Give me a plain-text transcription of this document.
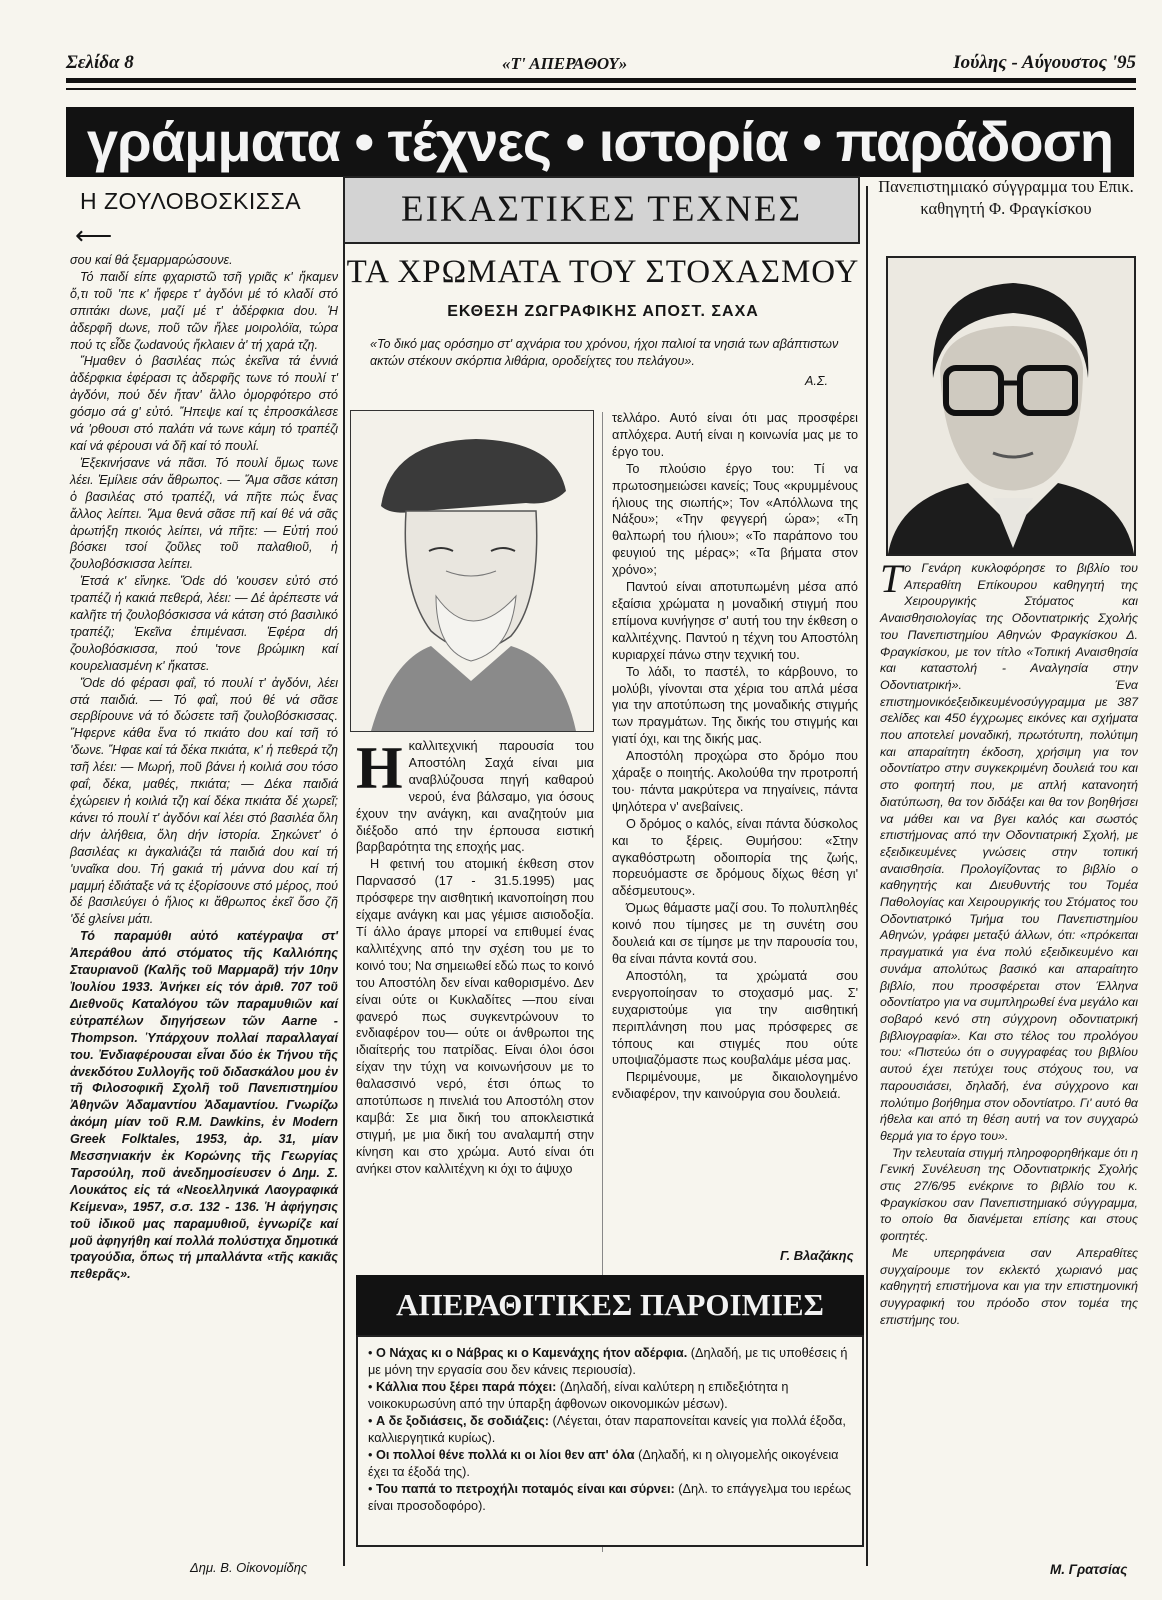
Σελίδα 8	«Τ' ΑΠΕΡΑΘΟΥ»	Ιούλης - Αύγουστος '95
γράμματα • τέχνες • ιστορία • παράδοση
Η ΖΟΥΛΟΒΟΣΚΙΣΣΑ
⟵

σου καί θά ξεμαρμαρώσουνε.

Τό παιδί είπε φχαριστῶ τσῆ γριᾶς κ' ἤκαμεν ὅ,τι τοῦ 'πε κ' ἤφερε τ' ἀγδόνι μέ τό κλαδί στό σπιτάκι dωνε, μαζί μέ τ' ἀδέρφκια dου. Ἡ ἀδερφῆ dωνε, ποῦ τῶν ἤλεε μοιρολόϊα, τώρα πού τς εἶδε ζωdανούς ἤκλαιεν ἀ' τή χαρά τζη.

Ἤμαθεν ὁ βασιλέας πώς ἐκεῖνα τά ἐννιά ἀδέρφκια ἐφέρασι τς ἀδερφῆς τωνε τό πουλί τ' ἀγδόνι, πού δέν ἤταν' ἄλλο ὀμορφότερο στό gόσμο σά g' εὐτό. Ἤπεψε καί τς ἐπροσκάλεσε νά 'ρθουσι στό παλάτι νά τωνε κάμη τό τραπέζι καί νά φέρουσι νά δῆ καί τό πουλί.

Ἐξεκινήσανε νά πᾶσι. Τό πουλί ὅμως τωνε λέει. Ἐμίλειε σάν ἄθρωπος. — Ἅμα σᾶσε κάτση ὁ βασιλέας στό τραπέζι, νά πῆτε πώς ἔνας ἄλλος λείπει. Ἅμα θενά σᾶσε πῆ καί θέ νά σᾶς ἀρωτήξη πκοιός λείπει, νά πῆτε: — Εὐτή πού βόσκει τσοί ζοῦλες τοῦ παλαθιοῦ, ἡ ζουλοβόσκισσα λείπει.

Ἐτσά κ' εἴνηκε. Ὅdε dό 'κουσεν εὐτό στό τραπέζι ἡ κακιά πεθερά, λέει: — Δέ ἀρέπεστε νά καλῆτε τή ζουλοβόσκισσα νά κάτση στό βασιλικό τραπέζι; Ἐκεῖνα ἐπιμένασι. Ἐφέρα dή ζουλοβόσκισσα, πού 'τονε βρώμικη καί κουρελιασμένη κ' ἤκατσε.

Ὅdε dό φέρασι φαΐ, τό πουλί τ' ἀγδόνι, λέει στά παιδιά. — Τό φαΐ, πού θέ νά σᾶσε σερβίρουνε νά τό δώσετε τσῆ ζουλοβόσκισσας. Ἤφερνε κάθα ἕνα τό πκιάτο dου καί τσῆ τό 'δωνε. Ἤφαε καί τά δέκα πκιάτα, κ' ἡ πεθερά τζη τσῆ λέει: — Μωρή, ποῦ βάνει ἡ κοιλιά σου τόσο φαΐ, δέκα, μαθές, πκιάτα; — Δέκα παιδιά ἐχώρειεν ἡ κοιλιά τζη καί δέκα πκιάτα δέ χωρεῖ; κάνει τό πουλί τ' ἀγδόνι καί λέει στό βασιλέα ὅλη dήν ἀλήθεια, ὅλη dήν ἱστορία. Σηκώνετ' ὁ βασιλέας κι ἀγκαλιάζει τά παιδιά dου καί τή 'υναῖκα dου. Τή gακιά τή μάννα dου καί τή μαμμή ἐδιάταξε νά τς ἐξορίσουνε στό μέρος, πού δέ βασιλεύγει ὁ ἥλιος κι ἄθρωπος ἐκεῖ ὅσο ζῆ 'δέ gλείνει μάτι.

Τό παραμύθι αὐτό κατέγραψα στ' Ἀπεράθου ἀπό στόματος τῆς Καλλιόπης Σταυριανοῦ (Καλῆς τοῦ Μαρμαρᾶ) τήν 10ην Ἰουλίου 1933. Ἀνήκει είς τόν ἀριθ. 707 τοῦ Διεθνοῦς Καταλόγου τῶν παραμυθιῶν καί εὐτραπέλων διηγήσεων τῶν Aarne - Thompson. Ὑπάρχουν πολλαί παραλλαγαί του. Ἐνδιαφέρουσαι εἶναι δύο ἐκ Τήνου τῆς ἀνεκδότου Συλλογῆς τοῦ διδασκάλου μου ἐν τῆ Φιλοσοφικῆ Σχολῆ τοῦ Πανεπιστημίου Ἀθηνῶν Ἀδαμαντίου Ἀδαμαντίου. Γνωρίζω ἀκόμη μίαν τοῦ R.M. Dawkins, ἐν Modern Greek Folktales, 1953, ἀρ. 31, μίαν Μεσσηνιακήν ἐκ Κορώνης τῆς Γεωργίας Ταρσούλη, ποῦ ἀνεδημοσίευσεν ὁ Δημ. Σ. Λουκάτος εἰς τά «Νεοελληνικά Λαογραφικά Κείμενα», 1957, σ.σ. 132 - 136. Ἡ ἀφήγησις τοῦ ἰδικοῦ μας παραμυθιοῦ, ἐγνωρίζε καί μοῦ ἀφηγήθη καί πολλά πολύστιχα δημοτικά τραγούδια, ὅπως τή μπαλλάντα «τῆς κακιᾶς πεθερᾶς».

Δημ. Β. Οἰκονομίδης
ΕΙΚΑΣΤΙΚΕΣ ΤΕΧΝΕΣ
ΤΑ ΧΡΩΜΑΤΑ ΤΟΥ ΣΤΟΧΑΣΜΟΥ
ΕΚΘΕΣΗ ΖΩΓΡΑΦΙΚΗΣ ΑΠΟΣΤ. ΣΑΧΑ
«Το δικό μας ορόσημο στ' αχνάρια του χρόνου, ήχοι παλιοί τα νησιά των αβάπτιστων ακτών στέκουν σκόρπια λιθάρια, οροδείχτες του πελάγου».
Α.Σ.
Η καλλιτεχνική παρουσία του Αποστόλη Σαχά είναι μια αναβλύζουσα πηγή καθαρού νερού, ένα βάλσαμο, για όσους έχουν την ανάγκη, και αναζητούν μια διέξοδο από την έρπουσα ειστική βαρβαρότητα της εποχής μας.

Η φετινή του ατομική έκθεση στον Παρνασσό (17 - 31.5.1995) μας πρόσφερε την αισθητική ικανοποίηση που είχαμε ανάγκη και μας γέμισε αισιοδοξία. Τί άλλο άραγε μπορεί να επιθυμεί ένας καλλιτέχνης από την σχέση του με το κοινό του; Να σημειωθεί εδώ πως το κοινό του Αποστόλη δεν είναι καθορισμένο. Δεν είναι ούτε οι Κυκλαδίτες —που είναι φανερό πως συγκεντρώνουν το ενδιαφέρον του— ούτε οι άνθρωποι της ιδιαίτερής του πατρίδας. Είναι όλοι όσοι είχαν την τύχη να κοινωνήσουν με το θαλασσινό νερό, έτσι όπως το αποτύπωσε η πινελιά του Αποστόλη στον καμβά: Σε μια δική του αποκλειστικά στιγμή, με μια δική του αναλαμπή στην κίνηση και στο χρώμα. Αυτό είναι ότι ανήκει στον καλλιτέχνη κι όχι το άψυχο

τελλάρο. Αυτό είναι ότι μας προσφέρει απλόχερα. Αυτή είναι η κοινωνία μας με το έργο του.

Το πλούσιο έργο του: Τί να πρωτοσημειώσει κανείς; Τους «κρυμμένους ήλιους της σιωπής»; Τον «Απόλλωνα της Νάξου»; «Την φεγγερή ώρα»; «Τη θαλπωρή του ήλιου»; «Το παράπονο του φευγιού της μέρας»; «Τα βήματα στον χρόνο»;

Παντού είναι αποτυπωμένη μέσα από εξαίσια χρώματα η μοναδική στιγμή που επίμονα κυνήγησε σ' αυτή του την έκθεση ο καλλιτέχνης. Παντού η τέχνη του Αποστόλη κυριαρχεί πάνω στην τεχνική του.

Το λάδι, το παστέλ, το κάρβουνο, το μολύβι, γίνονται στα χέρια του απλά μέσα για την αποτύπωση της μοναδικής στιγμής των πραγμάτων. Της δικής του στιγμής και γιατί όχι, και της δικής μας.

Αποστόλη προχώρα στο δρόμο που χάραξε ο ποιητής. Ακολούθα την προτροπή του· πάντα μακρύτερα να πηγαίνεις, πάντα ψηλότερα ν' ανεβαίνεις.

Ο δρόμος ο καλός, είναι πάντα δύσκολος και το ξέρεις. Θυμήσου: «Στην αγκαθόστρωτη οδοιπορία της ζωής, πορευόμαστε σε δρόμους δίχως θέση γι' αδέσμευτους».

Όμως θάμαστε μαζί σου. Το πολυπληθές κοινό που τίμησες με τη συνέτη σου δουλειά και σε τίμησε με την παρουσία του, θα είναι πάντα κοντά σου.

Αποστόλη, τα χρώματά σου ενεργοποίησαν το στοχασμό μας. Σ' ευχαριστούμε για την αισθητική περιπλάνηση που μας πρόσφερες σε τόπους και στιγμές που ούτε υποψιαζόμαστε πως κουβαλάμε μέσα μας.

Περιμένουμε, με δικαιολογημένο ενδιαφέρον, την καινούργια σου δουλειά.

Γ. Βλαζάκης
ΑΠΕΡΑΘΙΤΙΚΕΣ ΠΑΡΟΙΜΙΕΣ

• Ο Νάχας κι ο Νάβρας κι ο Καμενάχης ήτον αδέρφια. (Δηλαδή, με τις υποθέσεις ή με μόνη την εργασία σου δεν κάνεις περιουσία).

• Κάλλια που ξέρει παρά πόχει: (Δηλαδή, είναι καλύτερη η επιδεξιότητα η νοικοκυρωσύνη από την ύπαρξη άφθονων οικονομικών μέσων).

• Α δε ξοδιάσεις, δε σοδιάζεις: (Λέγεται, όταν παραπονείται κανείς για πολλά έξοδα, καλλιεργητικά κυρίως).

• Οι πολλοί θένε πολλά κι οι λίοι θεν απ' όλα (Δηλαδή, κι η ολιγομελής οικογένεια έχει τα έξοδά της).

• Του παπά το πετροχήλι ποταμός είναι και σύρνει: (Δηλ. το επάγγελμα του ιερέως είναι προσοδοφόρο).

Πανεπιστημιακό σύγγραμμα του Επικ. καθηγητή Φ. Φραγκίσκου
Τ ο Γενάρη κυκλοφόρησε το βιβλίο του Απεραθίτη Επίκουρου καθηγητή της Χειρουργικής Στόματος και Αναισθησιολογίας της Οδοντιατρικής Σχολής του Πανεπιστημίου Αθηνών Φραγκίσκου Δ. Φραγκίσκου, με τον τίτλο «Τοπική Αναισθησία και καταστολή - Αναλγησία στην Οδοντιατρική». Ένα επιστημονικόεξειδικευμένοσύγγραμμα με 387 σελίδες και 450 έγχρωμες εικόνες και σχήματα που αποτελεί μοναδική, πρωτότυπη, πολύτιμη και απαραίτητη έκδοση, χρήσιμη για τον οδοντίατρο στην συγκεκριμένη δουλειά του και στο φοιτητή που, με απλή κατανοητή διατύπωση, θα τον διδάξει και θα τον βοηθήσει να μάθει και να βγει καλός και σωστός επιστήμονας από την Οδοντιατρική Σχολή, με εξειδικευμένες γνώσεις στην τοπική αναισθησία. Προλογίζοντας το βιβλίο ο καθηγητής και Διευθυντής του Τομέα Παθολογίας και Χειρουργικής του Στόματος του Οδοντιατρικό Τμήμα του Πανεπιστημίου Αθηνών, γράφει μεταξύ άλλων, ότι: «πρόκειται πραγματικά για ένα πολύ εξειδικευμένο και συνάμα απολύτως βασικό και απαραίτητο βιβλίο, που προσφέρεται στον Έλληνα οδοντίατρο για να συμπληρωθεί ένα μεγάλο και σοβαρό κενό στη σύγχρονη οδοντιατρική βιβλιογραφία». Και στο τέλος του προλόγου του: «Πιστεύω ότι ο συγγραφέας του βιβλίου αυτού έχει πετύχει τους στόχους του, να παρουσιάσει, δηλαδή, ένα σύγχρονο και πολύτιμο βοήθημα στον οδοντίατρο. Γι' αυτό θα ήθελα και από τη θέση αυτή να τον συγχαρώ θερμά για το έργο του».

Την τελευταία στιγμή πληροφορηθήκαμε ότι η Γενική Συνέλευση της Οδοντιατρικής Σχολής στις 27/6/95 ενέκρινε το βιβλίο του κ. Φραγκίσκου σαν Πανεπιστημιακό σύγγραμμα, το οποίο θα διανέμεται επίσης και στους φοιτητές.

Με υπερηφάνεια σαν Απεραθίτες συγχαίρουμε τον εκλεκτό χωριανό μας καθηγητή επιστήμονα και για την επιστημονική συγγραφική του πρόοδο στον τομέα της επιστήμης του.

Μ. Γρατσίας
